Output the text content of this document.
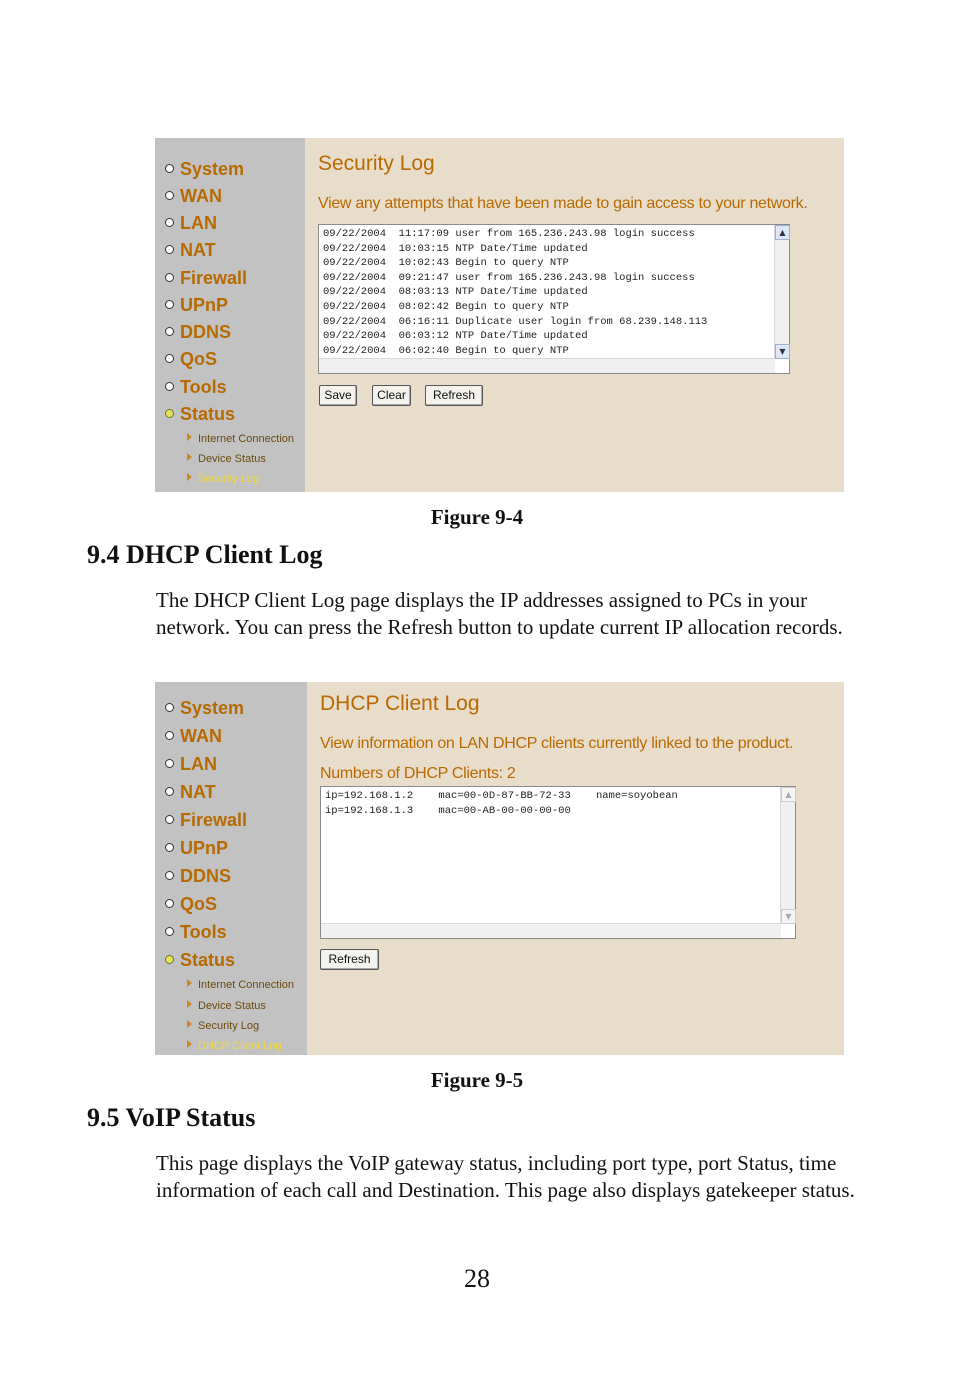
System
WAN
LAN
NAT
Firewall
UPnP
DDNS
QoS
Tools
Status
Internet Connection
Device Status
Security Log
Security Log
View any attempts that have been made to gain access to your network.
09/22/2004  11:17:09 user from 165.236.243.98 login success
09/22/2004  10:03:15 NTP Date/Time updated
09/22/2004  10:02:43 Begin to query NTP
09/22/2004  09:21:47 user from 165.236.243.98 login success
09/22/2004  08:03:13 NTP Date/Time updated
09/22/2004  08:02:42 Begin to query NTP
09/22/2004  06:16:11 Duplicate user login from 68.239.148.113
09/22/2004  06:03:12 NTP Date/Time updated
09/22/2004  06:02:40 Begin to query NTP
▲
▼
Save	Clear	Refresh
Figure 9-4
9.4 DHCP Client Log
The DHCP Client Log page displays the IP addresses assigned to PCs in your network. You can press the Refresh button to update current IP allocation records.
System
WAN
LAN
NAT
Firewall
UPnP
DDNS
QoS
Tools
Status
Internet Connection
Device Status
Security Log
DHCP Client Log
DHCP Client Log
View information on LAN DHCP clients currently linked to the product.
Numbers of DHCP Clients: 2
ip=192.168.1.2    mac=00-0D-87-BB-72-33    name=soyobean
ip=192.168.1.3    mac=00-AB-00-00-00-00
▲
▼
Refresh
Figure 9-5
9.5 VoIP Status
This page displays the VoIP gateway status, including port type, port Status, time information of each call and Destination. This page also displays gatekeeper status.
28
